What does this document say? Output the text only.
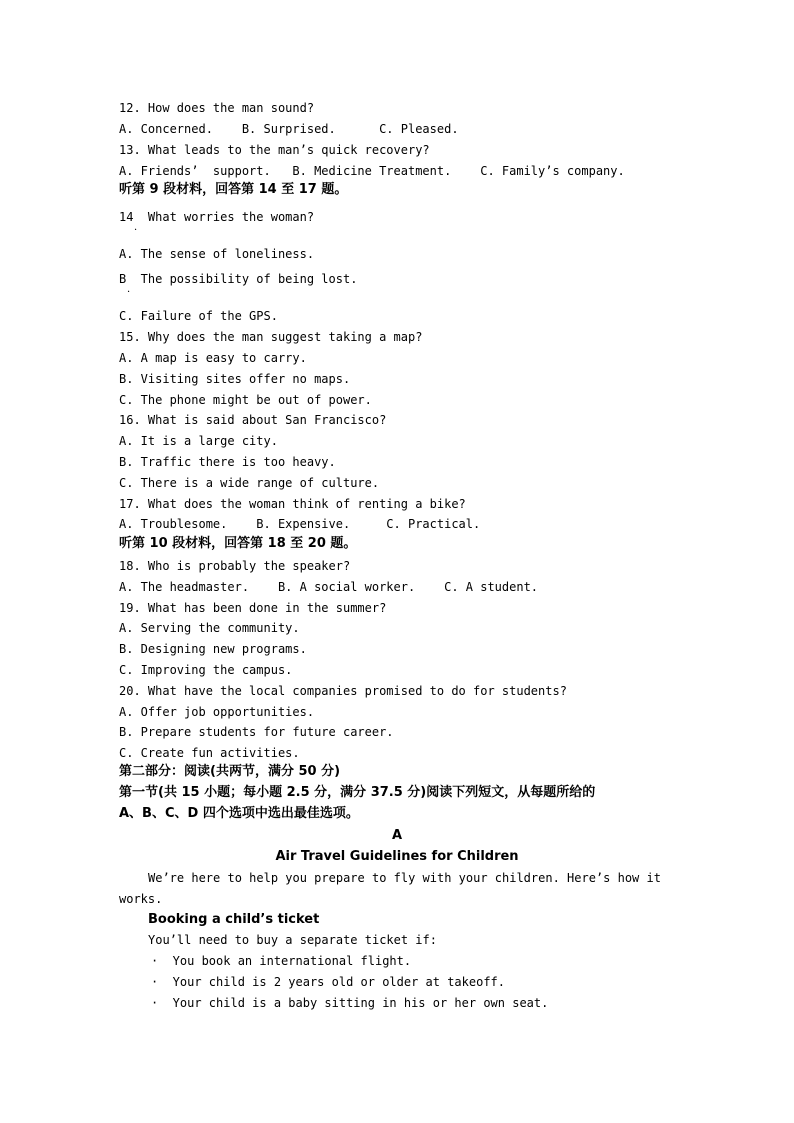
12. How does the man sound?
A. Concerned.    B. Surprised.      C. Pleased.
13. What leads to the man’s quick recovery?
A. Friends’  support.   B. Medicine Treatment.    C. Family’s company.
听第 9 段材料，回答第 14 至 17 题。
14  What worries the woman?
·
A. The sense of loneliness.
B  The possibility of being lost.
·
C. Failure of the GPS.
15. Why does the man suggest taking a map?
A. A map is easy to carry.
B. Visiting sites offer no maps.
C. The phone might be out of power.
16. What is said about San Francisco?
A. It is a large city.
B. Traffic there is too heavy.
C. There is a wide range of culture.
17. What does the woman think of renting a bike?
A. Troublesome.    B. Expensive.     C. Practical.
听第 10 段材料，回答第 18 至 20 题。
18. Who is probably the speaker?
A. The headmaster.    B. A social worker.    C. A student.
19. What has been done in the summer?
A. Serving the community.
B. Designing new programs.
C. Improving the campus.
20. What have the local companies promised to do for students?
A. Offer job opportunities.
B. Prepare students for future career.
C. Create fun activities.
第二部分：阅读(共两节，满分 50 分)
第一节(共 15 小题；每小题 2.5 分，满分 37.5 分)阅读下列短文，从每题所给的
A、B、C、D 四个选项中选出最佳选项。
A
Air Travel Guidelines for Children
We’re here to help you prepare to fly with your children. Here’s how it
works.
Booking a child’s ticket
You’ll need to buy a separate ticket if:
·  You book an international flight.
·  Your child is 2 years old or older at takeoff.
·  Your child is a baby sitting in his or her own seat.
